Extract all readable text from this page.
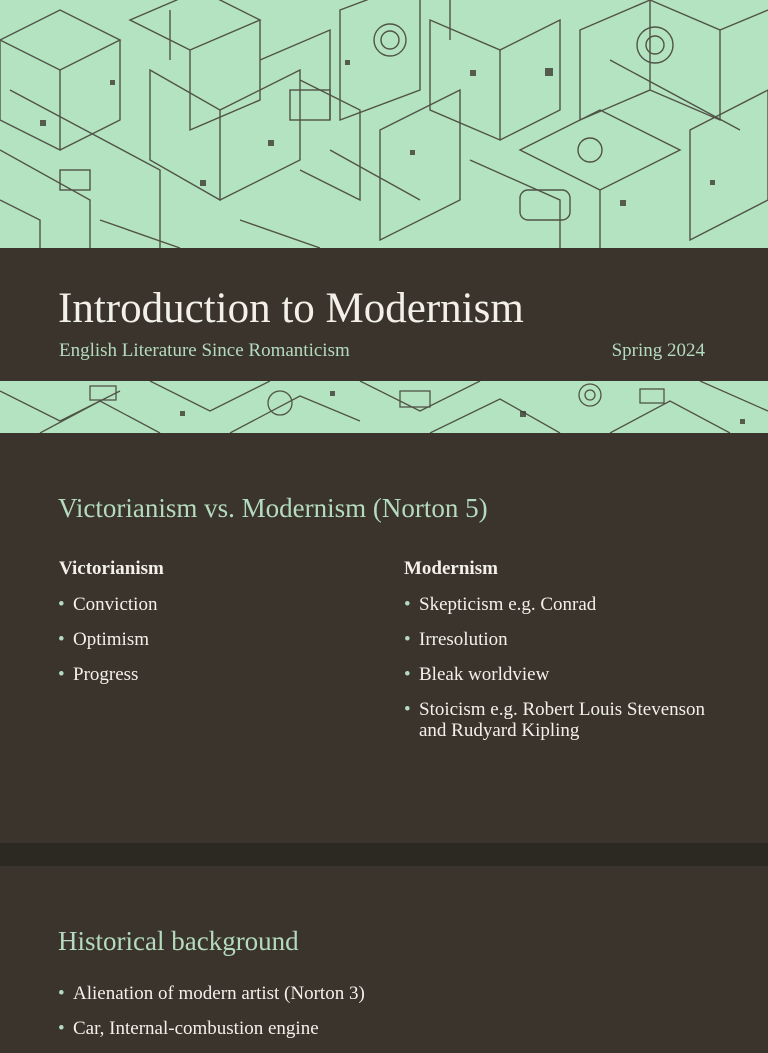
Introduction to Modernism
English Literature Since Romanticism	Spring 2024
Victorianism vs. Modernism (Norton 5)
Victorianism
• Conviction
• Optimism
• Progress
Modernism
• Skepticism e.g. Conrad
• Irresolution
• Bleak worldview
• Stoicism e.g. Robert Louis Stevenson and Rudyard Kipling
Historical background
• Alienation of modern artist (Norton 3)
• Car, Internal-combustion engine
